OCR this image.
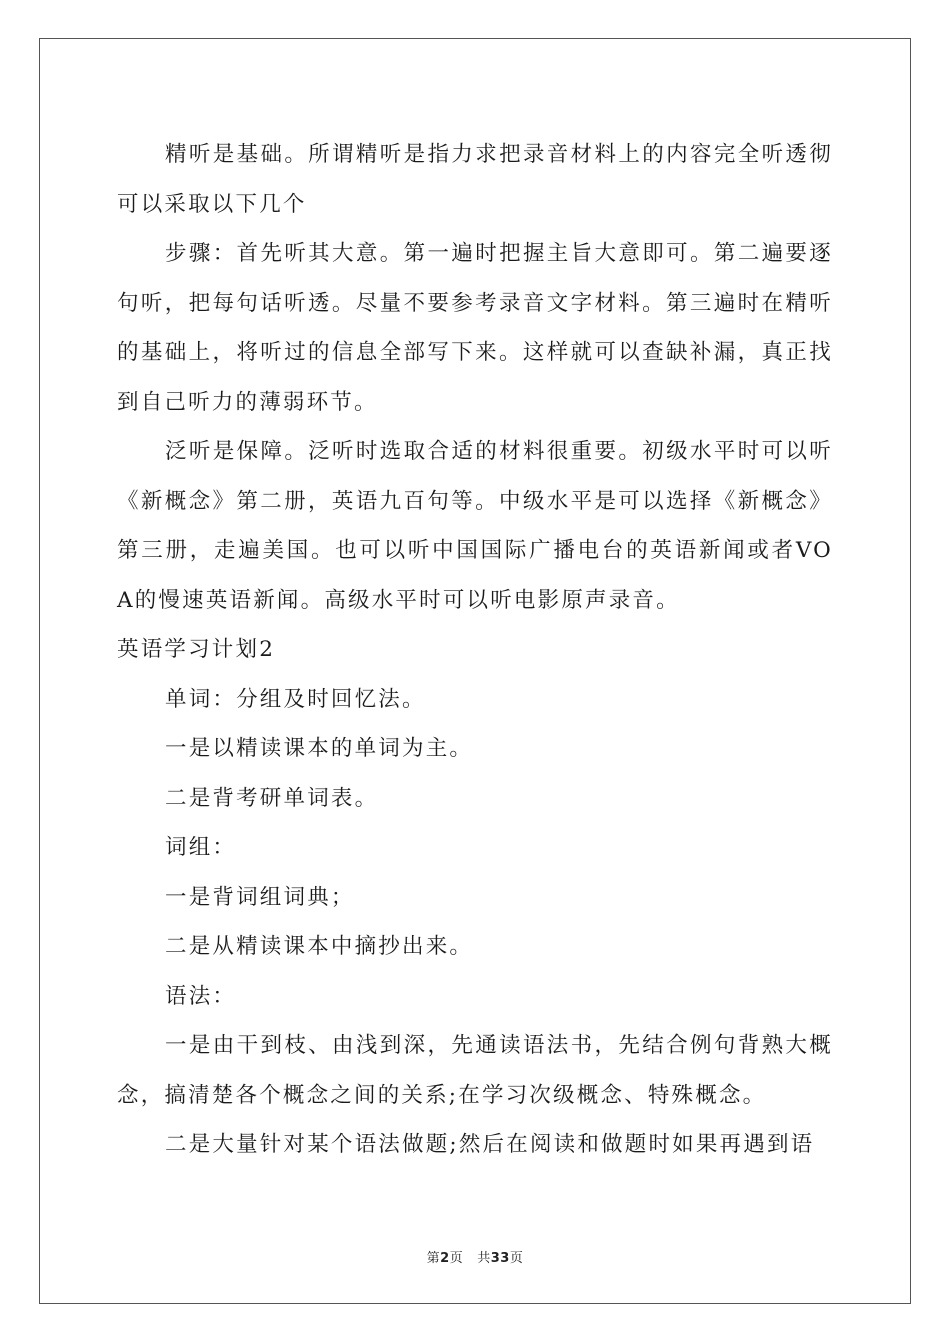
精听是基础。所谓精听是指力求把录音材料上的内容完全听透彻可以采取以下几个

步骤：首先听其大意。第一遍时把握主旨大意即可。第二遍要逐句听，把每句话听透。尽量不要参考录音文字材料。第三遍时在精听的基础上，将听过的信息全部写下来。这样就可以查缺补漏，真正找到自己听力的薄弱环节。

泛听是保障。泛听时选取合适的材料很重要。初级水平时可以听《新概念》第二册，英语九百句等。中级水平是可以选择《新概念》第三册，走遍美国。也可以听中国国际广播电台的英语新闻或者VOA的慢速英语新闻。高级水平时可以听电影原声录音。

英语学习计划2

单词：分组及时回忆法。

一是以精读课本的单词为主。

二是背考研单词表。

词组：

一是背词组词典；

二是从精读课本中摘抄出来。

语法：

一是由干到枝、由浅到深，先通读语法书，先结合例句背熟大概念，搞清楚各个概念之间的关系;在学习次级概念、特殊概念。

二是大量针对某个语法做题;然后在阅读和做题时如果再遇到语

第2页 共33页
